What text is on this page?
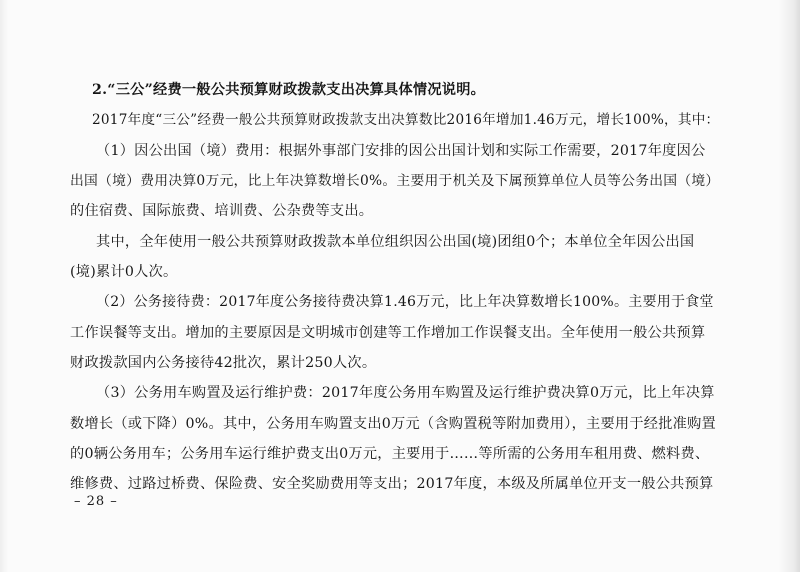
2.“三公”经费一般公共预算财政拨款支出决算具体情况说明。
2017年度“三公”经费一般公共预算财政拨款支出决算数比2016年增加1.46万元，增长100%，其中：
（1）因公出国（境）费用：根据外事部门安排的因公出国计划和实际工作需要，2017年度因公
出国（境）费用决算0万元，比上年决算数增长0%。主要用于机关及下属预算单位人员等公务出国（境）
的住宿费、国际旅费、培训费、公杂费等支出。
其中，全年使用一般公共预算财政拨款本单位组织因公出国(境)团组0个；本单位全年因公出国
(境)累计0人次。
（2）公务接待费：2017年度公务接待费决算1.46万元，比上年决算数增长100%。主要用于食堂
工作误餐等支出。增加的主要原因是文明城市创建等工作增加工作误餐支出。全年使用一般公共预算
财政拨款国内公务接待42批次，累计250人次。
（3）公务用车购置及运行维护费：2017年度公务用车购置及运行维护费决算0万元，比上年决算
数增长（或下降）0%。其中，公务用车购置支出0万元（含购置税等附加费用），主要用于经批准购置
的0辆公务用车；公务用车运行维护费支出0万元，主要用于……等所需的公务用车租用费、燃料费、
维修费、过路过桥费、保险费、安全奖励费用等支出；2017年度，本级及所属单位开支一般公共预算
– 28 –
